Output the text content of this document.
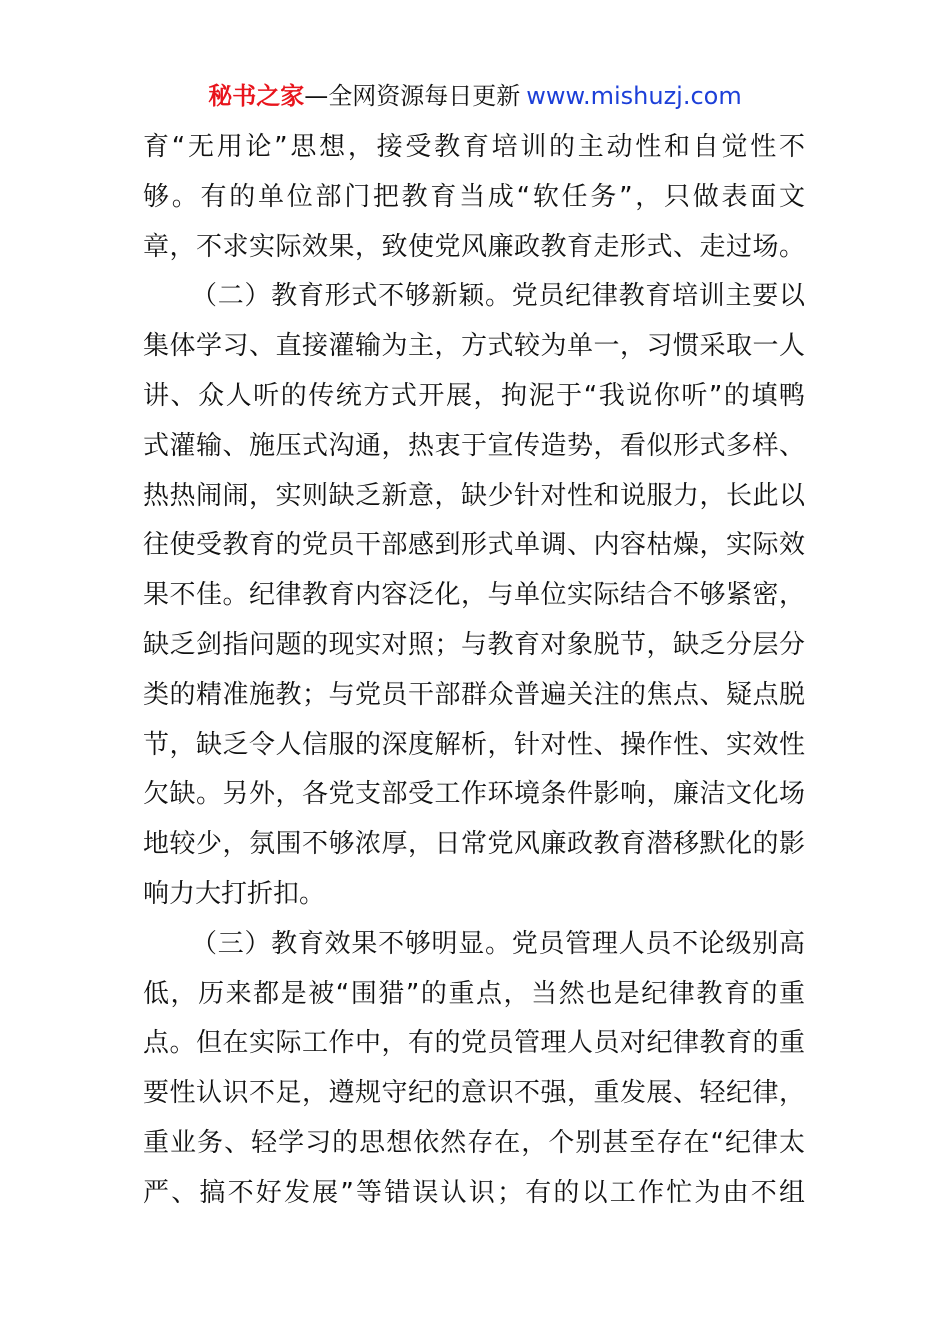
秘书之家—全网资源每日更新 www.mishuzj.com
育“无用论”思想，接受教育培训的主动性和自觉性不
够。有的单位部门把教育当成“软任务”，只做表面文
章，不求实际效果，致使党风廉政教育走形式、走过场。
（二）教育形式不够新颖。党员纪律教育培训主要以
集体学习、直接灌输为主，方式较为单一，习惯采取一人
讲、众人听的传统方式开展，拘泥于“我说你听”的填鸭
式灌输、施压式沟通，热衷于宣传造势，看似形式多样、
热热闹闹，实则缺乏新意，缺少针对性和说服力，长此以
往使受教育的党员干部感到形式单调、内容枯燥，实际效
果不佳。纪律教育内容泛化，与单位实际结合不够紧密，
缺乏剑指问题的现实对照；与教育对象脱节，缺乏分层分
类的精准施教；与党员干部群众普遍关注的焦点、疑点脱
节，缺乏令人信服的深度解析，针对性、操作性、实效性
欠缺。另外，各党支部受工作环境条件影响，廉洁文化场
地较少，氛围不够浓厚，日常党风廉政教育潜移默化的影
响力大打折扣。
（三）教育效果不够明显。党员管理人员不论级别高
低，历来都是被“围猎”的重点，当然也是纪律教育的重
点。但在实际工作中，有的党员管理人员对纪律教育的重
要性认识不足，遵规守纪的意识不强，重发展、轻纪律，
重业务、轻学习的思想依然存在，个别甚至存在“纪律太
严、搞不好发展”等错误认识；有的以工作忙为由不组
